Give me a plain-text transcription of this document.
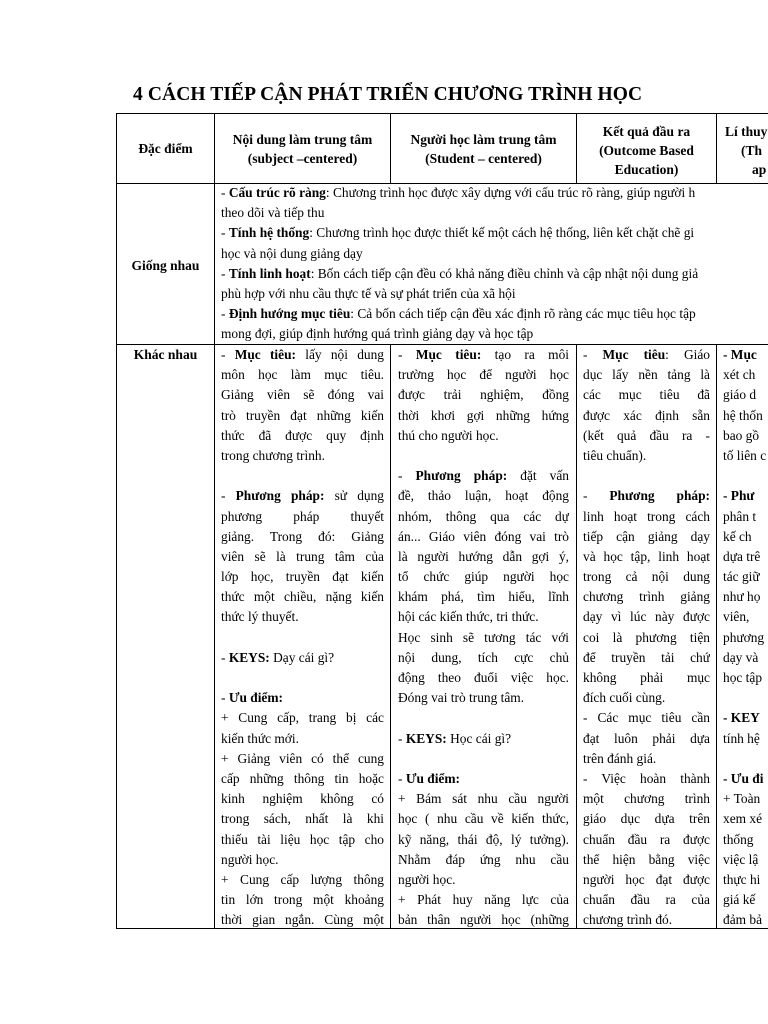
4 CÁCH TIẾP CẬN PHÁT TRIỂN CHƯƠNG TRÌNH HỌC
Đặc điểm
Nội dung làm trung tâm
(subject –centered)
Người học làm trung tâm
(Student – centered)
Kết quả đầu ra
(Outcome Based
Education)
Lí thuy
(Th
ap
Giống nhau
- Cấu trúc rõ ràng: Chương trình học được xây dựng với cấu trúc rõ ràng, giúp người h
theo dõi và tiếp thu
- Tính hệ thống: Chương trình học được thiết kế một cách hệ thống, liên kết chặt chẽ gi
học và nội dung giảng dạy
- Tính linh hoạt: Bốn cách tiếp cận đều có khả năng điều chỉnh và cập nhật nội dung giả
phù hợp với nhu cầu thực tế và sự phát triển của xã hội
- Định hướng mục tiêu: Cả bốn cách tiếp cận đều xác định rõ ràng các mục tiêu học tập
mong đợi, giúp định hướng quá trình giảng dạy và học tập
Khác nhau	- Mục tiêu: lấy nội dung
môn học làm mục tiêu.
Giảng viên sẽ đóng vai
trò truyền đạt những kiến
thức đã được quy định
trong chương trình.
- Phương pháp: sử dụng
phương pháp thuyết
giảng. Trong đó: Giảng
viên sẽ là trung tâm của
lớp học, truyền đạt kiến
thức một chiều, nặng kiến
thức lý thuyết.
- KEYS: Dạy cái gì?
- Ưu điểm:
+ Cung cấp, trang bị các
kiến thức mới.
+ Giảng viên có thể cung
cấp những thông tin hoặc
kinh nghiệm không có
trong sách, nhất là khi
thiếu tài liệu học tập cho
người học.
+ Cung cấp lượng thông
tin lớn trong một khoảng
thời gian ngắn. Cùng một
- Mục tiêu: tạo ra môi
trường học để người học
được trải nghiệm, đồng
thời khơi gợi những hứng
thú cho người học.
- Phương pháp: đặt vấn
đề, thảo luận, hoạt động
nhóm, thông qua các dự
án... Giáo viên đóng vai trò
là người hướng dẫn gợi ý,
tổ chức giúp người học
khám phá, tìm hiểu, lĩnh
hội các kiến thức, tri thức.
Học sinh sẽ tương tác với
nội dung, tích cực chủ
động theo đuổi việc học.
Đóng vai trò trung tâm.
- KEYS: Học cái gì?
- Ưu điểm:
+ Bám sát nhu cầu người
học ( nhu cầu về kiến thức,
kỹ năng, thái độ, lý tưởng).
Nhằm đáp ứng nhu cầu
người học.
+ Phát huy năng lực của
bản thân người học (những
- Mục tiêu: Giáo
dục lấy nền tảng là
các mục tiêu đã
được xác định sẵn
(kết quả đầu ra -
tiêu chuẩn).
- Phương pháp:
linh hoạt trong cách
tiếp cận giảng dạy
và học tập, linh hoạt
trong cả nội dung
chương trình giảng
dạy vì lúc này được
coi là phương tiện
để truyền tải chứ
không phải mục
đích cuối cùng.
- Các mục tiêu cần
đạt luôn phải dựa
trên đánh giá.
- Việc hoàn thành
một chương trình
giáo dục dựa trên
chuẩn đầu ra được
thể hiện bằng việc
người học đạt được
chuẩn đầu ra của
chương trình đó.
- Mục
xét ch
giáo d
hệ thốn
bao gồ
tố liên c
- Phư
phân t
kế ch
dựa trê
tác giữ
như họ
viên,
phương
dạy và
học tập
- KEY
tính hệ
- Ưu đi
+ Toàn
xem xé
thống
việc lậ
thực hi
giá kế
đảm bả
